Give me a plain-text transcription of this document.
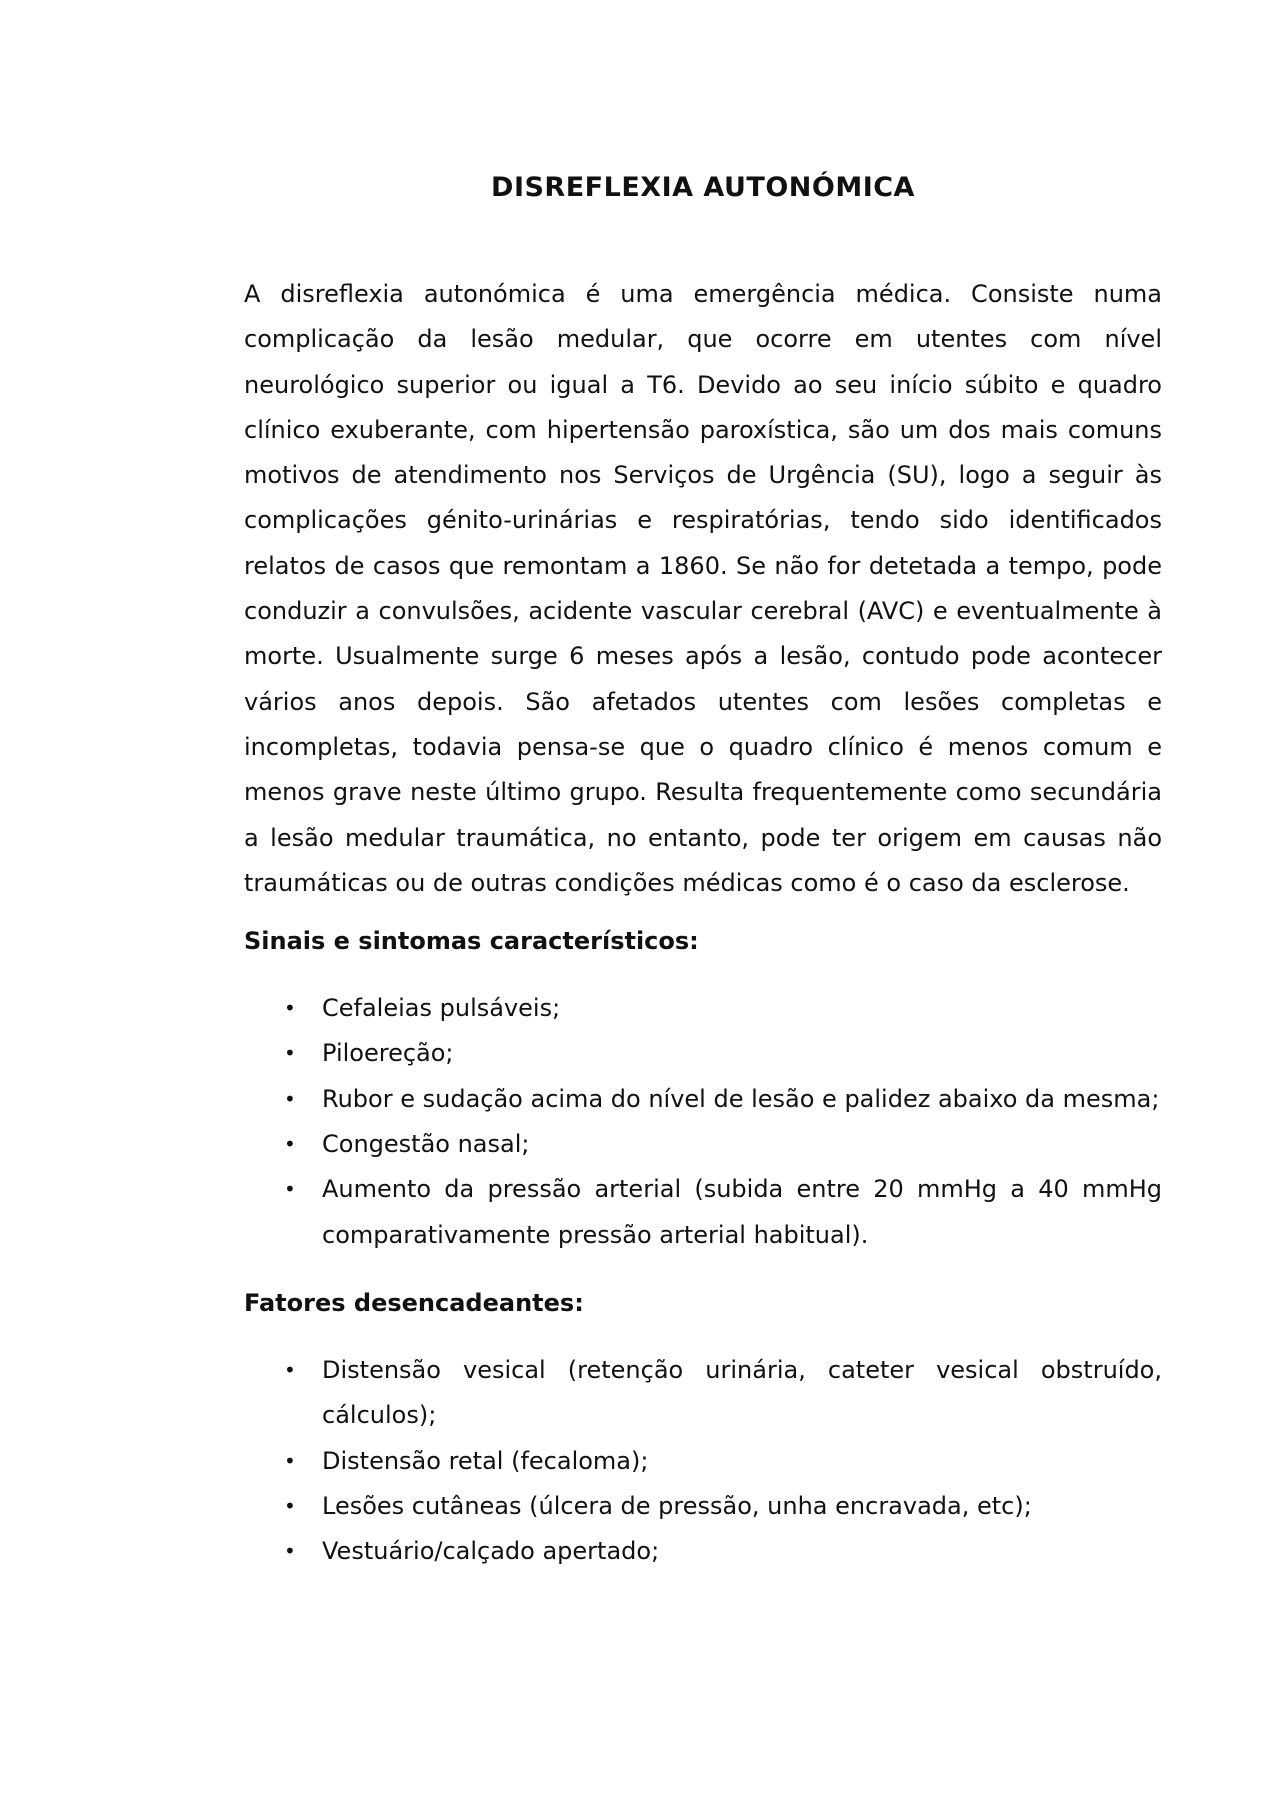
DISREFLEXIA AUTONÓMICA

A disreflexia autonómica é uma emergência médica. Consiste numa complicação da lesão medular, que ocorre em utentes com nível neurológico superior ou igual a T6. Devido ao seu início súbito e quadro clínico exuberante, com hipertensão paroxística, são um dos mais comuns motivos de atendimento nos Serviços de Urgência (SU), logo a seguir às complicações génito-urinárias e respiratórias, tendo sido identificados relatos de casos que remontam a 1860. Se não for detetada a tempo, pode conduzir a convulsões, acidente vascular cerebral (AVC) e eventualmente à morte. Usualmente surge 6 meses após a lesão, contudo pode acontecer vários anos depois. São afetados utentes com lesões completas e incompletas, todavia pensa-se que o quadro clínico é menos comum e menos grave neste último grupo. Resulta frequentemente como secundária a lesão medular traumática, no entanto, pode ter origem em causas não traumáticas ou de outras condições médicas como é o caso da esclerose.

Sinais e sintomas característicos:
• Cefaleias pulsáveis;
• Piloereção;
• Rubor e sudação acima do nível de lesão e palidez abaixo da mesma;
• Congestão nasal;
• Aumento da pressão arterial (subida entre 20 mmHg a 40 mmHg comparativamente pressão arterial habitual).
Fatores desencadeantes:
• Distensão vesical (retenção urinária, cateter vesical obstruído, cálculos);
• Distensão retal (fecaloma);
• Lesões cutâneas (úlcera de pressão, unha encravada, etc);
• Vestuário/calçado apertado;
